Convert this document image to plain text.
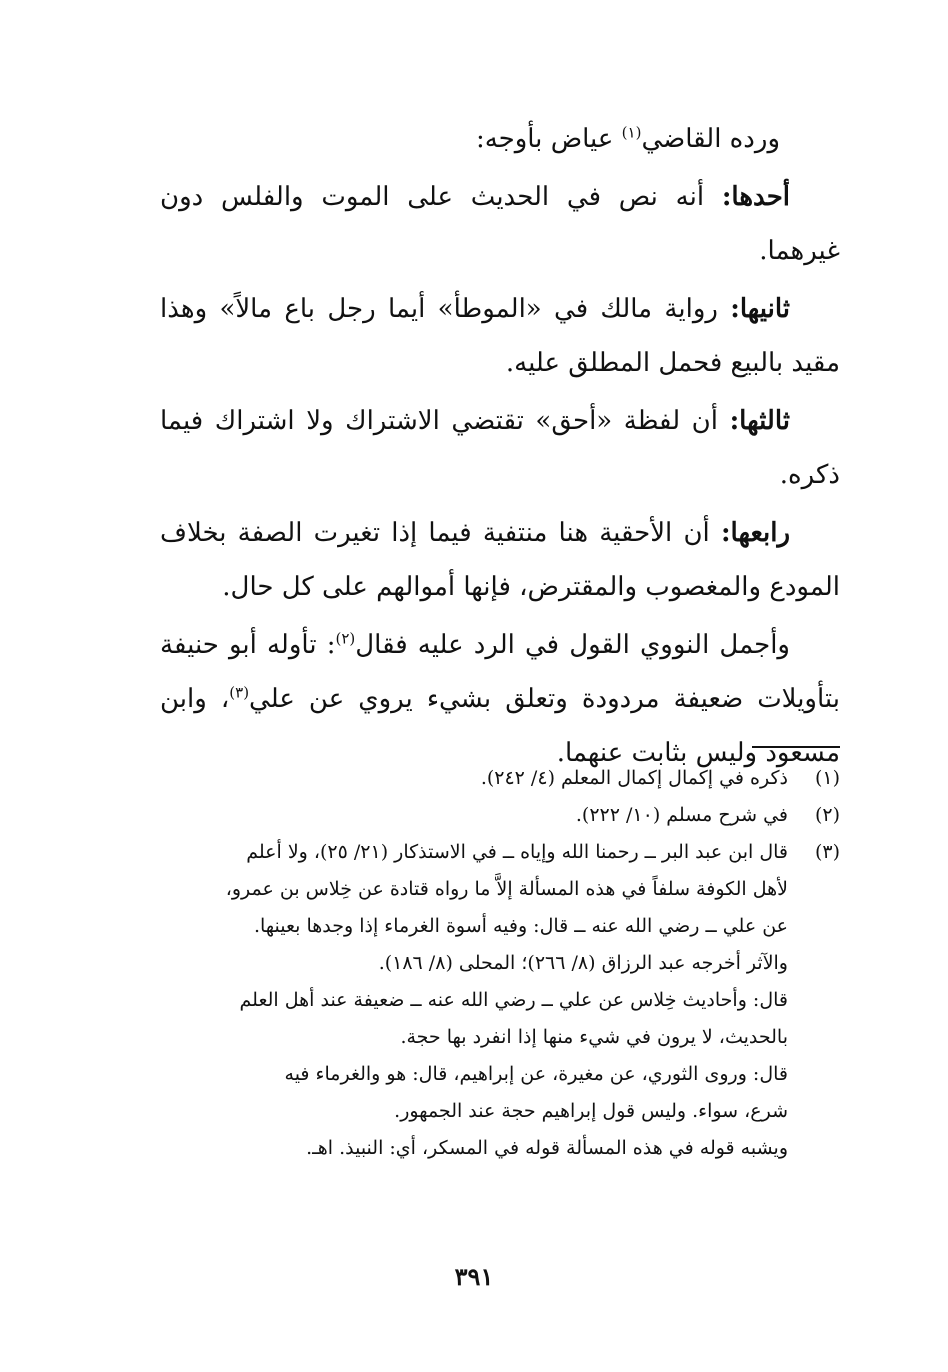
ورده القاضي$^{(١)}$ عياض بأوجه:

أحدها: أنه نص في الحديث على الموت والفلس دون غيرهما.

ثانيها: رواية مالك في «الموطأ» أيما رجل باع مالاً» وهذا مقيد بالبيع فحمل المطلق عليه.

ثالثها: أن لفظة «أحق» تقتضي الاشتراك ولا اشتراك فيما ذكره.

رابعها: أن الأحقية هنا منتفية فيما إذا تغيرت الصفة بخلاف المودع والمغصوب والمقترض، فإنها أموالهم على كل حال.

وأجمل النووي القول في الرد عليه فقال$^{(٢)}$: تأوله أبو حنيفة بتأويلات ضعيفة مردودة وتعلق بشيء يروي عن علي$^{(٣)}$، وابن مسعود وليس بثابت عنهما.

(١)
ذكره في إكمال إكمال المعلم (٤/ ٢٤٢).
(٢)
في شرح مسلم (١٠/ ٢٢٢).
(٣)
قال ابن عبد البر ــ رحمنا الله وإياه ــ في الاستذكار (٢١/ ٢٥)، ولا أعلم
لأهل الكوفة سلفاً في هذه المسألة إلاَّ ما رواه قتادة عن خِلاس بن عمرو،
عن علي ــ رضي الله عنه ــ قال: وفيه أسوة الغرماء إذا وجدها بعينها.
والآثر أخرجه عبد الرزاق (٨/ ٢٦٦)؛ المحلى (٨/ ١٨٦).
قال: وأحاديث خِلاس عن علي ــ رضي الله عنه ــ ضعيفة عند أهل العلم
بالحديث، لا يرون في شيء منها إذا انفرد بها حجة.
قال: وروى الثوري، عن مغيرة، عن إبراهيم، قال: هو والغرماء فيه
شرع، سواء. وليس قول إبراهيم حجة عند الجمهور.
ويشبه قوله في هذه المسألة قوله في المسكر، أي: النبيذ. اهـ.
٣٩١
